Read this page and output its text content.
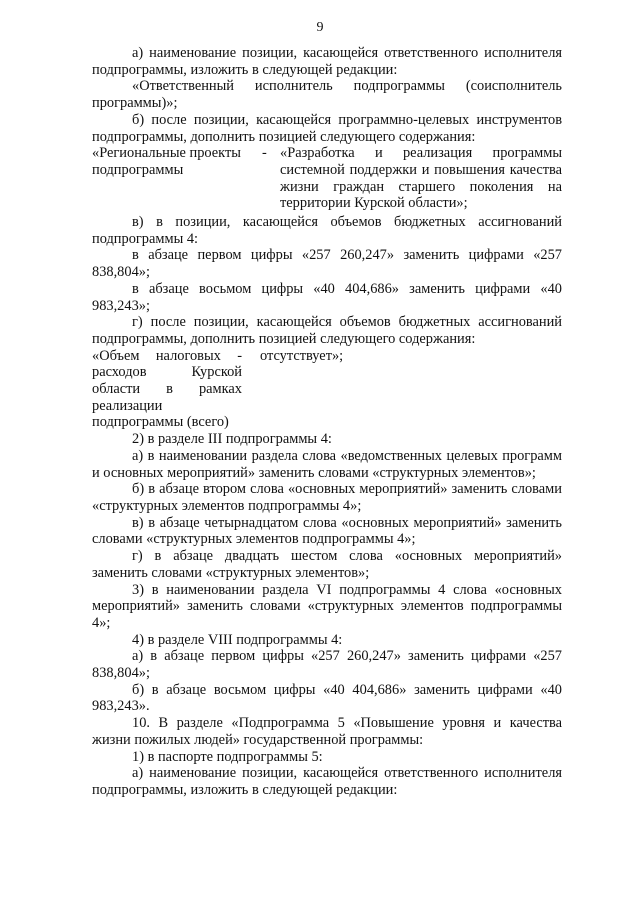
9

а) наименование позиции, касающейся ответственного исполнителя подпрограммы, изложить в следующей редакции:

«Ответственный исполнитель подпрограммы (соисполнитель программы)»;

б) после позиции, касающейся программно-целевых инструментов подпрограммы, дополнить позицией следующего содержания:

«Региональные проекты подпрограммы
- «Разработка и реализация программы
системной поддержки и повышения качества
жизни граждан старшего поколения на
территории Курской области»;

в) в позиции, касающейся объемов бюджетных ассигнований подпрограммы 4:

в абзаце первом цифры «257 260,247» заменить цифрами «257 838,804»;

в абзаце восьмом цифры «40 404,686» заменить цифрами «40 983,243»;

г) после позиции, касающейся объемов бюджетных ассигнований подпрограммы, дополнить позицией следующего содержания:

«Объем налоговых -	отсутствует»;

расходов Курской

области в рамках

реализации

подпрограммы (всего)

2) в разделе III подпрограммы 4:

а) в наименовании раздела слова «ведомственных целевых программ и основных мероприятий» заменить словами «структурных элементов»;

б) в абзаце втором слова «основных мероприятий» заменить словами «структурных элементов подпрограммы 4»;

в) в абзаце четырнадцатом слова «основных мероприятий» заменить словами «структурных элементов подпрограммы 4»;

г) в абзаце двадцать шестом слова «основных мероприятий» заменить словами «структурных элементов»;

3) в наименовании раздела VI подпрограммы 4 слова «основных мероприятий» заменить словами «структурных элементов подпрограммы 4»;

4) в разделе VIII подпрограммы 4:

а) в абзаце первом цифры «257 260,247» заменить цифрами «257 838,804»;

б) в абзаце восьмом цифры «40 404,686» заменить цифрами «40 983,243».

10. В разделе «Подпрограмма 5 «Повышение уровня и качества жизни пожилых людей» государственной программы:

1) в паспорте подпрограммы 5:

а) наименование позиции, касающейся ответственного исполнителя подпрограммы, изложить в следующей редакции:
